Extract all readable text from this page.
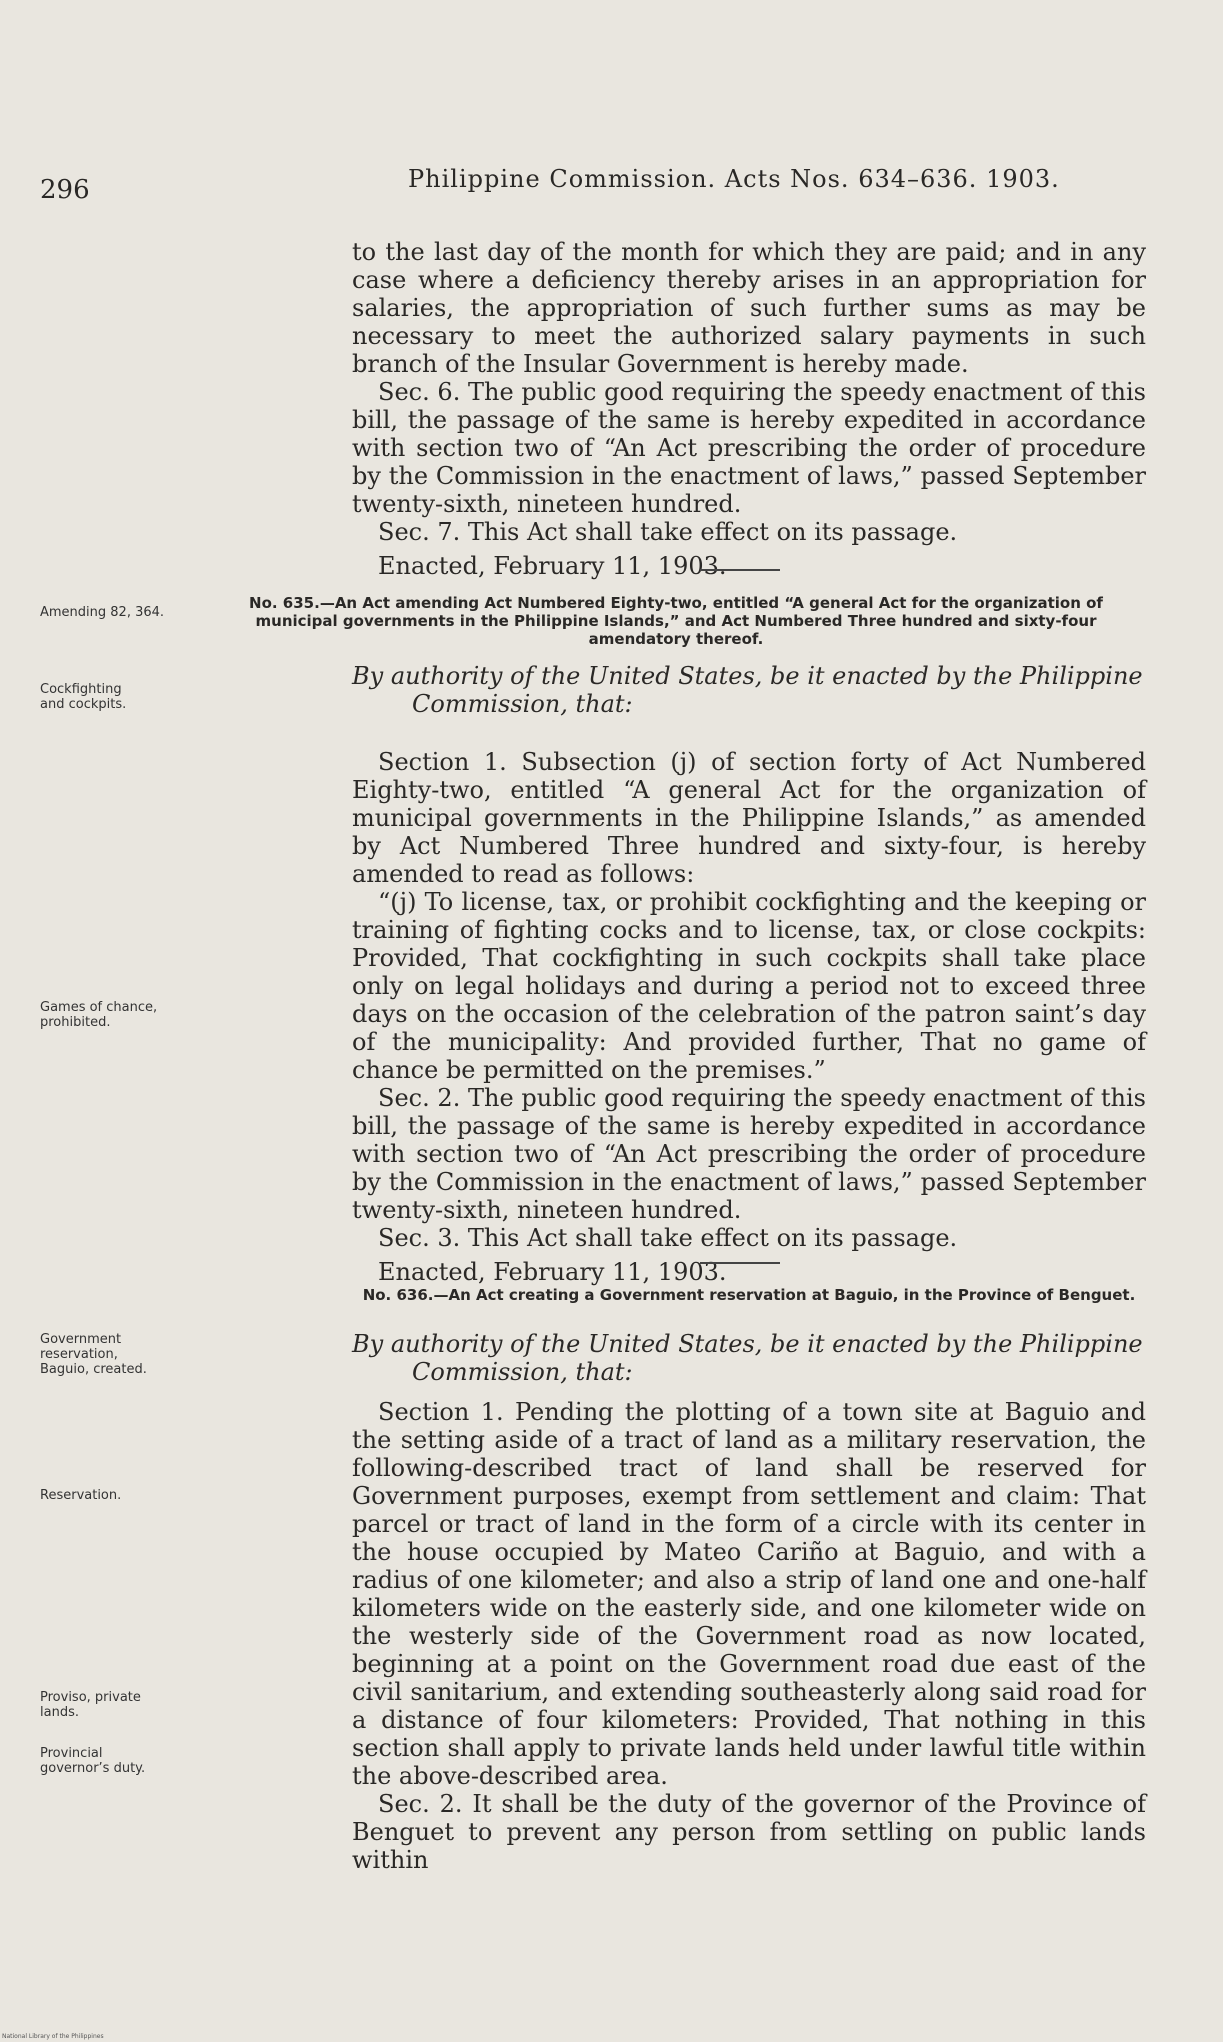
296	Philippine Commission. Acts Nos. 634–636. 1903.

to the last day of the month for which they are paid; and in any case where a deficiency thereby arises in an appropriation for salaries, the appropriation of such further sums as may be necessary to meet the authorized salary payments in such branch of the Insular Government is hereby made.

Sec. 6. The public good requiring the speedy enactment of this bill, the passage of the same is hereby expedited in accordance with section two of “An Act prescribing the order of procedure by the Commission in the enactment of laws,” passed September twenty-sixth, nineteen hundred.

Sec. 7. This Act shall take effect on its passage.

Enacted, February 11, 1903.

Amending 82, 364.
No. 635.—An Act amending Act Numbered Eighty-two, entitled “A general Act for the organization of municipal governments in the Philippine Islands,” and Act Numbered Three hundred and sixty-four amendatory thereof.
Cockfighting and cockpits.

By authority of the United States, be it enacted by the Philippine

Commission, that:

Section 1. Subsection (j) of section forty of Act Numbered Eighty-two, entitled “A general Act for the organization of municipal governments in the Philippine Islands,” as amended by Act Numbered Three hundred and sixty-four, is hereby amended to read as follows:

“(j) To license, tax, or prohibit cockfighting and the keeping or training of fighting cocks and to license, tax, or close cockpits: Provided, That cockfighting in such cockpits shall take place only on legal holidays and during a period not to exceed three days on the occasion of the celebration of the patron saint’s day of the municipality: And provided further, That no game of chance be permitted on the premises.”

Sec. 2. The public good requiring the speedy enactment of this bill, the passage of the same is hereby expedited in accordance with section two of “An Act prescribing the order of procedure by the Commission in the enactment of laws,” passed September twenty-sixth, nineteen hundred.

Sec. 3. This Act shall take effect on its passage.

Enacted, February 11, 1903.

Games of chance, prohibited.
No. 636.—An Act creating a Government reservation at Baguio, in the Province of Benguet.
Government reservation, Baguio, created.

By authority of the United States, be it enacted by the Philippine

Commission, that:

Section 1. Pending the plotting of a town site at Baguio and the setting aside of a tract of land as a military reservation, the following-described tract of land shall be reserved for Government purposes, exempt from settlement and claim: That parcel or tract of land in the form of a circle with its center in the house occupied by Mateo Cariño at Baguio, and with a radius of one kilometer; and also a strip of land one and one-half kilometers wide on the easterly side, and one kilometer wide on the westerly side of the Government road as now located, beginning at a point on the Government road due east of the civil sanitarium, and extending southeasterly along said road for a distance of four kilometers: Provided, That nothing in this section shall apply to private lands held under lawful title within the above-described area.

Sec. 2. It shall be the duty of the governor of the Province of Benguet to prevent any person from settling on public lands within

Reservation.
Proviso, private lands.
Provincial governor’s duty.
National Library of the Philippines
